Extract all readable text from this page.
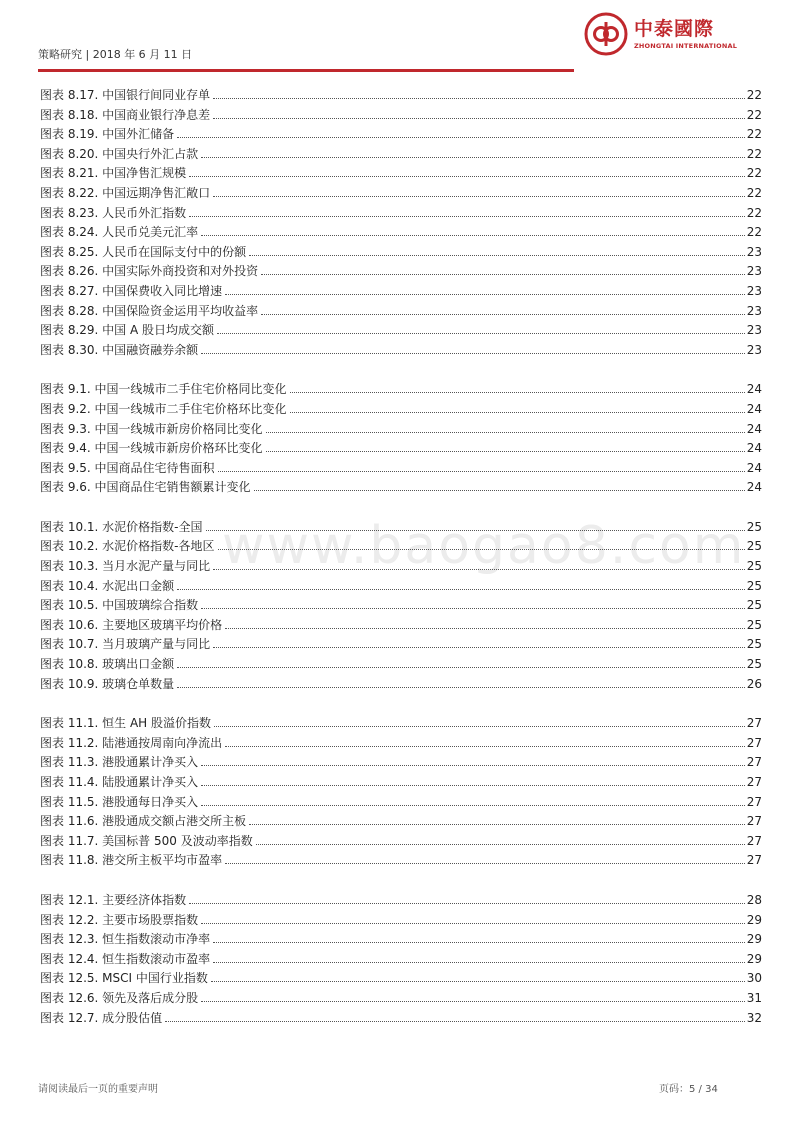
策略研究 | 2018 年 6 月 11 日
中泰國際
ZHONGTAI INTERNATIONAL
www.baogao8.com
图表 8.17. 中国银行间同业存单	22
图表 8.18. 中国商业银行净息差	22
图表 8.19. 中国外汇储备	22
图表 8.20. 中国央行外汇占款	22
图表 8.21. 中国净售汇规模	22
图表 8.22. 中国远期净售汇敞口	22
图表 8.23. 人民币外汇指数	22
图表 8.24. 人民币兑美元汇率	22
图表 8.25. 人民币在国际支付中的份额	23
图表 8.26. 中国实际外商投资和对外投资	23
图表 8.27. 中国保费收入同比增速	23
图表 8.28. 中国保险资金运用平均收益率	23
图表 8.29. 中国 A 股日均成交额	23
图表 8.30. 中国融资融券余额	23
图表 9.1. 中国一线城市二手住宅价格同比变化	24
图表 9.2. 中国一线城市二手住宅价格环比变化	24
图表 9.3. 中国一线城市新房价格同比变化	24
图表 9.4. 中国一线城市新房价格环比变化	24
图表 9.5. 中国商品住宅待售面积	24
图表 9.6. 中国商品住宅销售额累计变化	24
图表 10.1. 水泥价格指数-全国	25
图表 10.2. 水泥价格指数-各地区	25
图表 10.3. 当月水泥产量与同比	25
图表 10.4. 水泥出口金额	25
图表 10.5. 中国玻璃综合指数	25
图表 10.6. 主要地区玻璃平均价格	25
图表 10.7. 当月玻璃产量与同比	25
图表 10.8. 玻璃出口金额	25
图表 10.9. 玻璃仓单数量	26
图表 11.1. 恒生 AH 股溢价指数	27
图表 11.2. 陆港通按周南向净流出	27
图表 11.3. 港股通累计净买入	27
图表 11.4. 陆股通累计净买入	27
图表 11.5. 港股通每日净买入	27
图表 11.6. 港股通成交额占港交所主板	27
图表 11.7. 美国标普 500 及波动率指数	27
图表 11.8. 港交所主板平均市盈率	27
图表 12.1. 主要经济体指数	28
图表 12.2. 主要市场股票指数	29
图表 12.3. 恒生指数滚动市净率	29
图表 12.4. 恒生指数滚动市盈率	29
图表 12.5. MSCI 中国行业指数	30
图表 12.6. 领先及落后成分股	31
图表 12.7. 成分股估值	32
请阅读最后一页的重要声明	页码：5 / 34
